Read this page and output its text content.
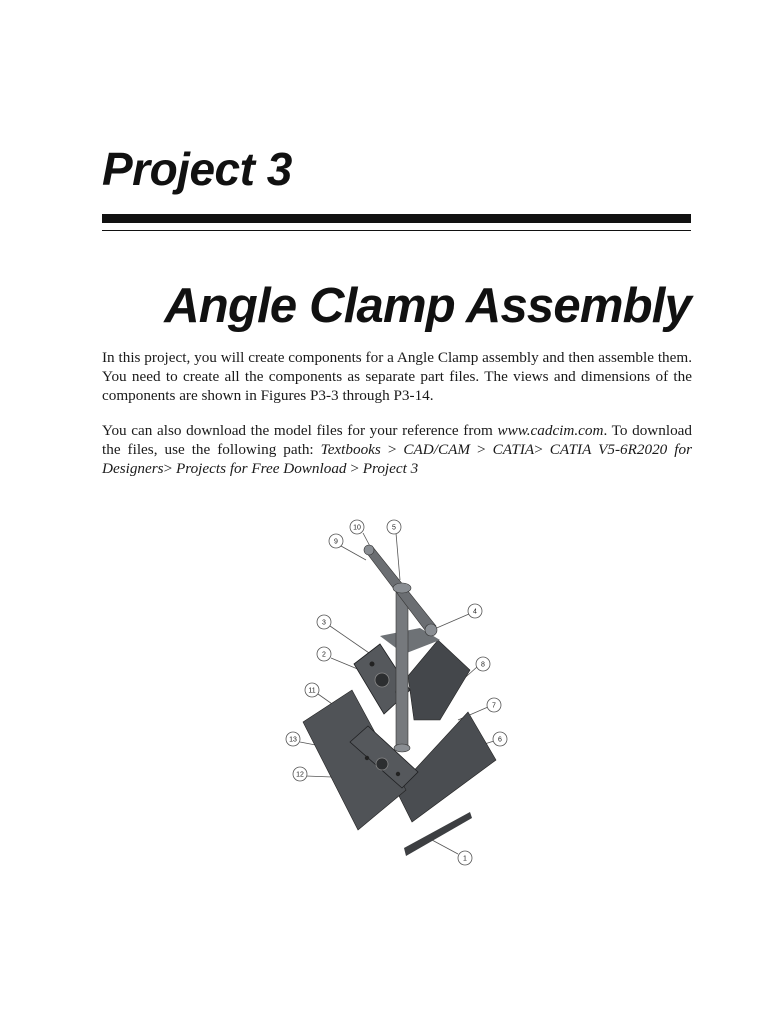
Project 3
Angle Clamp Assembly

In this project, you will create components for a Angle Clamp assembly and then assemble them. You need to create all the components as separate part files. The views and dimensions of the components are shown in Figures P3-3 through P3-14.

You can also download the model files for your reference from www.cadcim.com. To download the files, use the following path: Textbooks > CAD/CAM > CATIA> CATIA V5-6R2020 for Designers> Projects for Free Download > Project 3

10	5
9
4
3
8
2
11
7
13	6
12
1
